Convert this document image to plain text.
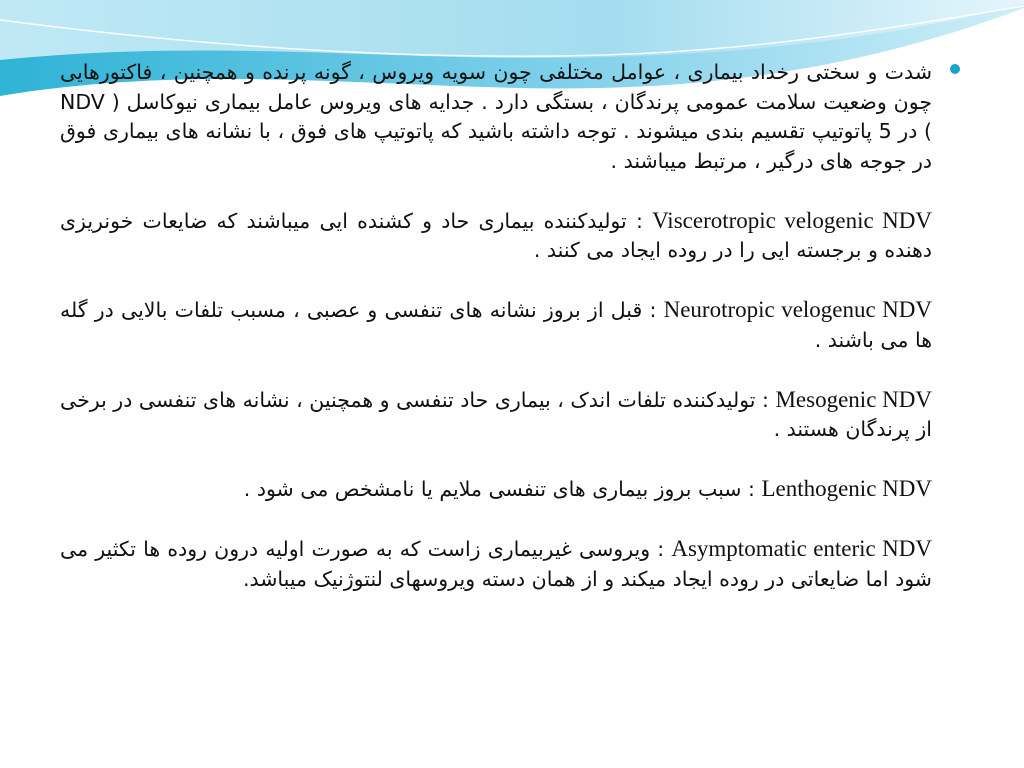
شدت و سختی رخداد بیماری ، عوامل مختلفی چون سویه ویروس ، گونه پرنده و همچنین ، فاکتورهایی چون وضعیت سلامت عمومی پرندگان ، بستگی دارد . جدایه های ویروس عامل بیماری نیوکاسل ( NDV ) در 5 پاتوتیپ تقسیم بندی میشوند . توجه داشته باشید که پاتوتیپ های فوق ، با نشانه های بیماری فوق در جوجه های درگیر ، مرتبط میباشند .

Viscerotropic velogenic NDV : تولیدکننده بیماری حاد و کشنده ایی میباشند که ضایعات خونریزی دهنده و برجسته ایی را در روده ایجاد می کنند .

Neurotropic velogenuc NDV : قبل از بروز نشانه های تنفسی و عصبی ، مسبب تلفات بالایی در گله ها می باشند .

Mesogenic NDV : تولیدکننده تلفات اندک ، بیماری حاد تنفسی و همچنین ، نشانه های تنفسی در برخی از پرندگان هستند .

Lenthogenic NDV : سبب بروز بیماری های تنفسی ملایم یا نامشخص می شود .

Asymptomatic enteric NDV : ویروسی غیربیماری زاست که به صورت اولیه درون روده ها تکثیر می شود اما ضایعاتی در روده ایجاد میکند و از همان دسته ویروسهای لنتوژنیک میباشد.
